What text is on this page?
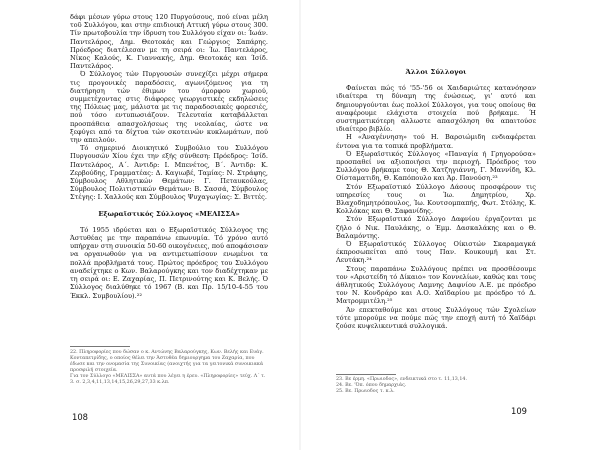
δάφι μέσων γύρω στους 120 Πυργούσους, πού είναι μέλη τοῦ Συλλόγου, και στην επιδιοική Αττική γύρω στους 300. Τίν πρωτοβουλία την ίδρυση του Συλλόγου είχαν οι: Ίωάν. Παντελάρος, Δημ. Θεοτοκάς και Γεώργιος Σαπάρης. Πρόεδρος διατέλεσαν με τη σειρά οι: Ίω. Παντελάρος, Νίκος Καλούς, Κ. Γιαννακής, Δημ. Θεοτοκάς και Ίσίδ. Παντελάρος.

Ό Σύλλογος τών Πυργουσών συνεχίζει μέχρι σήμερα τις προγονικές παραδόσεις, αγωνιζόμενος για τη διατήρηση τών έθιμων του όμορφου χωριού, συμμετέχοντας στις διάφορες γεωργιστικές εκδηλώσεις της Πόλεως μας, μάλιστα με τις παραδοσιακές φορεσιές, πού τόσο εντυπωσιάζουν. Τελευταία καταβάλλεται προσπάθεια απασχολήσεως της νεολαίας, ώστε να ξεφύγει από τα δίχτυα τών σκοτεινών κυκλωμάτων, πού την απειλούν.

Τό σημερινό Διοικητικό Συμβούλιο του Συλλόγου Πυργουσών Χίου έχει την εξής σύνθεση: Πρόεδρος: Ίσίδ. Παντελάρος, Α΄. Άντιδρ: Ι. Μπενέτος, Β΄. Άντιδρ: Κ. Ζερβούδης, Γραμματέας: Δ. Καγιωβέ, Ταμίας: Ν. Στράφης, Σύμβουλος Αθλητικών Θεμάτων: Γ. Πεταυκούλας, Σύμβουλος Πολιτιστικών Θεμάτων: Β. Σασσά, Σύμβουλος Στέγης: Ι. Χαλλούς και Σύμβουλος Ψυχαγωγίας: Σ. Βιττές.

Εξωραϊστικός Σύλλογος «ΜΕΛΙΣΣΑ»

Τό 1955 ιδρύεται και ο Εξωραϊστικός Σύλλογος της Άστυθέας με την παραπάνω επωνυμία. Τό χρόνο αυτό υπήρχαν στη συνοικία 50-60 οικογένειες, πού αποφάσισαν να οργανωθούν για να αντιμετωπίσουν ενωμένοι τα πολλά προβλήματά τους. Πρώτος πρόεδρος του Συλλόγου αναδείχτηκε ο Κων. Βαλαρούγκης και τον διαδέχτηκαν με τη σειρά οι: Ε. Ζαχαρίας, Π. Πετρινούτης και Κ. Βελής. Ό Σύλλογος διαλύθηκε τό 1967 (Β. και Πρ. 15/10-4-55 του Έκκλ. Συμβουλίου).²²

22. Πληροφορίες που δώσαν ο κ. Αντώνης Βαλαρούγκης, Κων. Βελής και Ευάγ. Κονταπετρίδης, ο οποίος θέλει την Άστυθέα δημιουργημα του Ζαχαρία, που έδωσε και την ονομασία της Συνοικίας (ανοιχτής για τα γειτονικά συνοικιακά προσφιλή στοιχεία.
Για τον Σύλλογο «ΜΕΛΙΣΣΑ» αυτά που λέγει η έρευ. «Πληροφορίες» τεύχ. Λ΄ τ. 3. σ. 2,3,4,11,13,14,15,26,29,27,33 κ.λπ.
108

Άλλοι Σύλλογοι

Φαίνεται πώς τό '55-'56 οι Χαιδαριώτες κατανόησαν ιδιαίτερα τη δύναμη της ένώσεως, γι' αυτό και δημιουργούνται έως πολλοί Σύλλογοι, για τους οποίους θα αναφέρουμε ελάχιστα στοιχεία πού βρήκαμε. Ή συστηματικότερη αλλωστε απασχόληση θα απαιτούσε ιδιαίτερο βιβλίο.

Η «Άναγέννηση» τού Η. Βαρσιώμιδη ενδιαφέρεται έντονα για τα τοπικά προβλήματα.

Ό Εξωραϊστικός Σύλλογος «Παναγία ή Γρηγορούσα» προσπαθεί να αξιοποιήσει την περιοχή. Πρόεδρος του Συλλόγου βρήκαμε τους Θ. Χατζηγιάννη, Γ. Μαννίδη, Κλ. Οίσταματιδη, Θ. Καπόπουλο και Άρ. Πανούση.²³

Στόν Εξωραϊστικό Σύλλογο Δάσους προσφέρουν τις υπηρεσίες τους οι Ίω. Δημητρίου, Χρ. Βλαχοδημητρόπουλος, Ίω. Κουτσομπαπής, Φωτ. Στόλης, Κ. Κολλόκας και Θ. Σαφανίδης.

Στόν Εξωραϊστικό Σύλλογο Δαφνίου έργαζονται με ζήλο ό Νικ. Παυλάκης, ο Έμμ. Δασκαλάκης και ο Θ. Βαλαμόντης.

Ό Εξωραϊστικός Σύλλογος Οίκιστών Σκαραμαγκά έκπροσωπείται από τους Παν. Κουκουμή και Στ. Λευτάκη.²⁴

Στους παραπάνω Συλλόγους πρέπει να προσθέσουμε τον «Αριστείδη τό Δίκαιο» τον Κοννελίων, καθώς και τους άθλητικούς Συλλόγους Λαμνης Δαφνίου Α.Ε. με πρόεδρο τον Ν. Κονδράρο και Α.Ο. Χαϊδαρίου με πρόεδρο τό Δ. Ματρομμιτέλη.²⁵

Άν επεκταθούμε και στους Συλλόγους τών Σχολείων τότε μπορούμε να πούμε πώς την εποχή αυτή τό Χαϊδάρι ζούσε κυψελικεντικά συλλογικά.

23. Βε έρμη. «Πρωιοδος», ενδεικτικά στο τ. 11,13,14.
24. Βε. 'Όπ. όπου δημαρχιάς.
25. Βε. Πρωιοδος τ. κ.λ.
109
